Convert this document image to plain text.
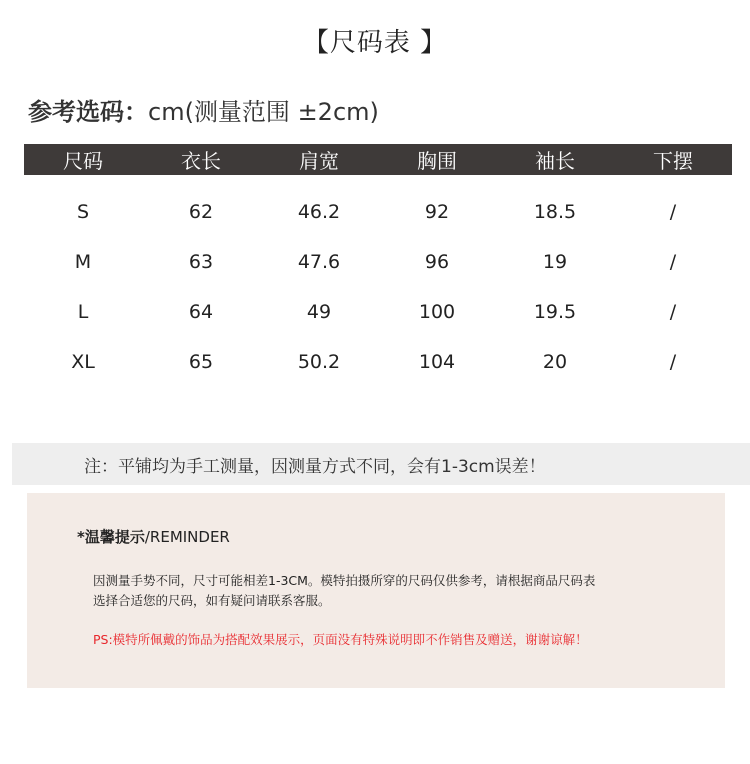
【尺码表 】
参考选码：cm(测量范围 ±2cm)
尺码	衣长	肩宽	胸围	袖长	下摆
S	62	46.2	92	18.5	/
M	63	47.6	96	19	/
L	64	49	100	19.5	/
XL	65	50.2	104	20	/
注：平铺均为手工测量，因测量方式不同，会有1-3cm误差！
*温馨提示/REMINDER
因测量手势不同，尺寸可能相差1-3CM。模特拍摄所穿的尺码仅供参考，请根据商品尺码表
选择合适您的尺码，如有疑问请联系客服。
PS:模特所佩戴的饰品为搭配效果展示，页面没有特殊说明即不作销售及赠送，谢谢谅解！
